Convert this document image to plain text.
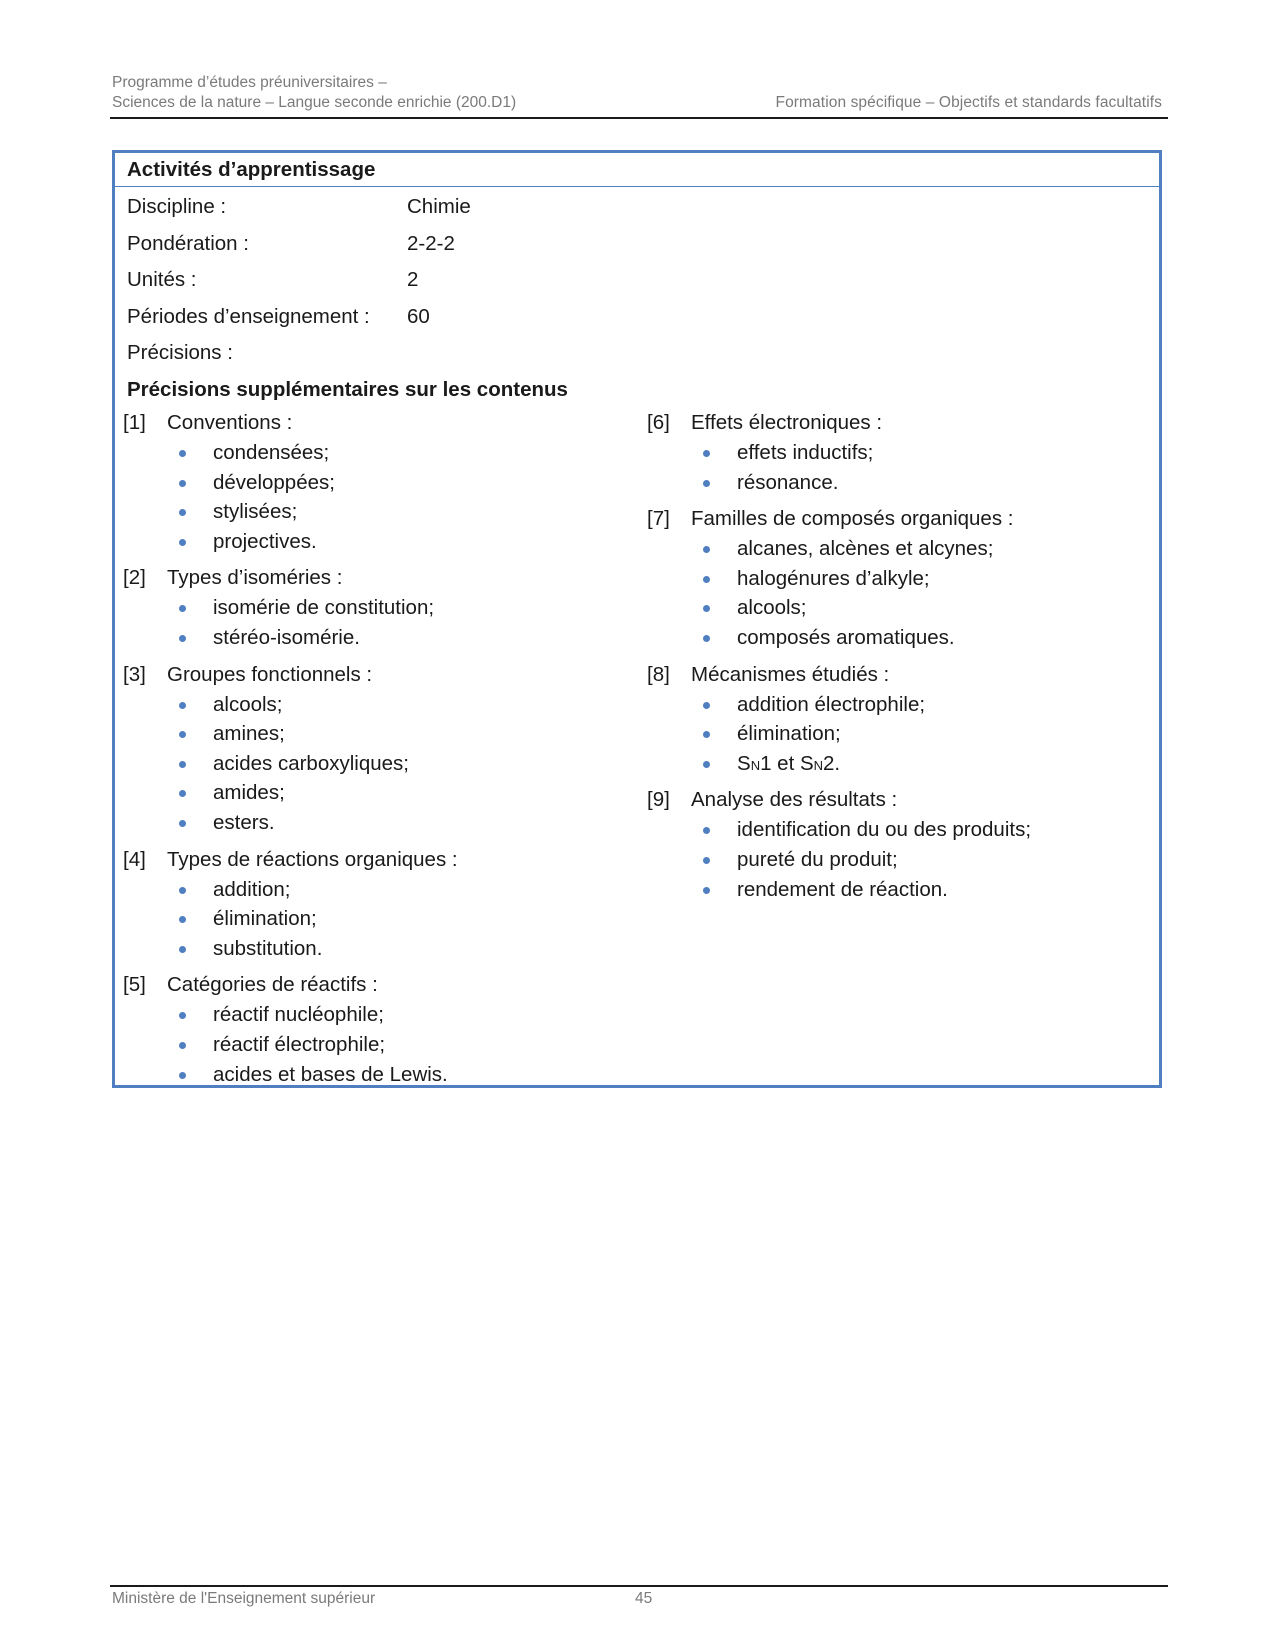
Programme d’études préuniversitaires –
Sciences de la nature – Langue seconde enrichie (200.D1)	Formation spécifique – Objectifs et standards facultatifs
Activités d’apprentissage
Discipline :	Chimie
Pondération :	2-2-2
Unités :	2
Périodes d’enseignement : 60
Précisions :
Précisions supplémentaires sur les contenus
[1] Conventions :
condensées;
développées;
stylisées;
projectives.
[2] Types d’isoméries :
isomérie de constitution;
stéréo-isomérie.
[3] Groupes fonctionnels :
alcools;
amines;
acides carboxyliques;
amides;
esters.
[4] Types de réactions organiques :
addition;
élimination;
substitution.
[5] Catégories de réactifs :
réactif nucléophile;
réactif électrophile;
acides et bases de Lewis.
[6] Effets électroniques :
effets inductifs;
résonance.
[7] Familles de composés organiques :
alcanes, alcènes et alcynes;
halogénures d’alkyle;
alcools;
composés aromatiques.
[8] Mécanismes étudiés :
addition électrophile;
élimination;
SN1 et SN2.
[9] Analyse des résultats :
identification du ou des produits;
pureté du produit;
rendement de réaction.
Ministère de l'Enseignement supérieur	45
